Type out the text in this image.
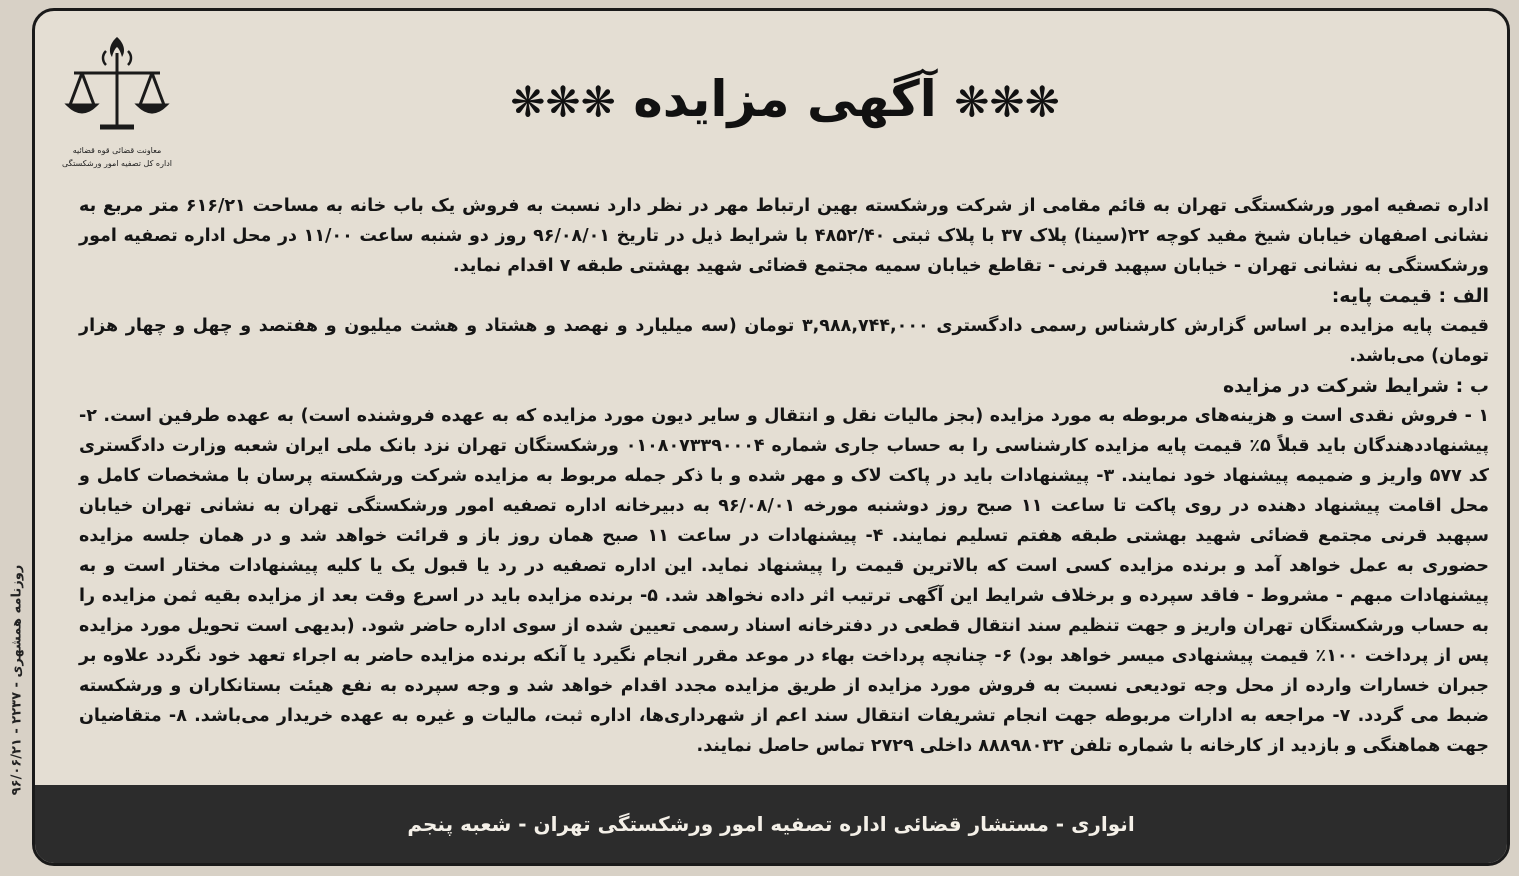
روزنامه همشهری - ۲۲۳۷ - ۹۶/۰۶/۲۱
معاونت قضائی قوه قضائیه
اداره کل تصفیه امور ورشکستگی
❋❋❋ آگهی مزایده ❋❋❋

اداره تصفیه امور ورشکستگی تهران به قائم مقامی از شرکت ورشکسته بهین ارتباط مهر در نظر دارد نسبت به فروش یک باب خانه به مساحت ۶۱۶/۲۱ متر مربع به نشانی اصفهان خیابان شیخ مفید کوچه ۲۲(سینا) پلاک ۳۷ با پلاک ثبتی ۴۸۵۲/۴۰ با شرایط ذیل در تاریخ ۹۶/۰۸/۰۱ روز دو شنبه ساعت ۱۱/۰۰ در محل اداره تصفیه امور ورشکستگی به نشانی تهران - خیابان سپهبد قرنی - تقاطع خیابان سمیه مجتمع قضائی شهید بهشتی طبقه ۷ اقدام نماید.

الف : قیمت پایه:

قیمت پایه مزایده بر اساس گزارش کارشناس رسمی دادگستری ۳,۹۸۸,۷۴۴,۰۰۰ تومان (سه میلیارد و نهصد و هشتاد و هشت میلیون و هفتصد و چهل و چهار هزار تومان) می‌باشد.

ب : شرایط شرکت در مزایده

۱ - فروش نقدی است و هزینه‌های مربوطه به مورد مزایده (بجز مالیات نقل و انتقال و سایر دیون مورد مزایده که به عهده فروشنده است) به عهده طرفین است. ۲- پیشنهاددهندگان باید قبلاً ۵٪ قیمت پایه مزایده کارشناسی را به حساب جاری شماره ۰۱۰۸۰۷۳۳۹۰۰۰۴ ورشکستگان تهران نزد بانک ملی ایران شعبه وزارت دادگستری کد ۵۷۷ واریز و ضمیمه پیشنهاد خود نمایند. ۳- پیشنهادات باید در پاکت لاک و مهر شده و با ذکر جمله مربوط به مزایده شرکت ورشکسته پرسان با مشخصات کامل و محل اقامت پیشنهاد دهنده در روی پاکت تا ساعت ۱۱ صبح روز دوشنبه مورخه ۹۶/۰۸/۰۱ به دبیرخانه اداره تصفیه امور ورشکستگی تهران به نشانی تهران خیابان سپهبد قرنی مجتمع قضائی شهید بهشتی طبقه هفتم تسلیم نمایند. ۴- پیشنهادات در ساعت ۱۱ صبح همان روز باز و قرائت خواهد شد و در همان جلسه مزایده حضوری به عمل خواهد آمد و برنده مزایده کسی است که بالاترین قیمت را پیشنهاد نماید. این اداره تصفیه در رد یا قبول یک یا کلیه پیشنهادات مختار است و به پیشنهادات مبهم - مشروط - فاقد سپرده و برخلاف شرایط این آگهی ترتیب اثر داده نخواهد شد. ۵- برنده مزایده باید در اسرع وقت بعد از مزایده بقیه ثمن مزایده را به حساب ورشکستگان تهران واریز و جهت تنظیم سند انتقال قطعی در دفترخانه اسناد رسمی تعیین شده از سوی اداره حاضر شود. (بدیهی است تحویل مورد مزایده پس از پرداخت ۱۰۰٪ قیمت پیشنهادی میسر خواهد بود) ۶- چنانچه پرداخت بهاء در موعد مقرر انجام نگیرد یا آنکه برنده مزایده حاضر به اجراء تعهد خود نگردد علاوه بر جبران خسارات وارده از محل وجه تودیعی نسبت به فروش مورد مزایده از طریق مزایده مجدد اقدام خواهد شد و وجه سپرده به نفع هیئت بستانکاران و ورشکسته ضبط می گردد. ۷- مراجعه به ادارات مربوطه جهت انجام تشریفات انتقال سند اعم از شهرداری‌ها، اداره ثبت، مالیات و غیره به عهده خریدار می‌باشد. ۸- متقاضیان جهت هماهنگی و بازدید از کارخانه با شماره تلفن ۸۸۸۹۸۰۳۲ داخلی ۲۷۲۹ تماس حاصل نمایند.

انواری - مستشار قضائی اداره تصفیه امور ورشکستگی تهران - شعبه پنجم
